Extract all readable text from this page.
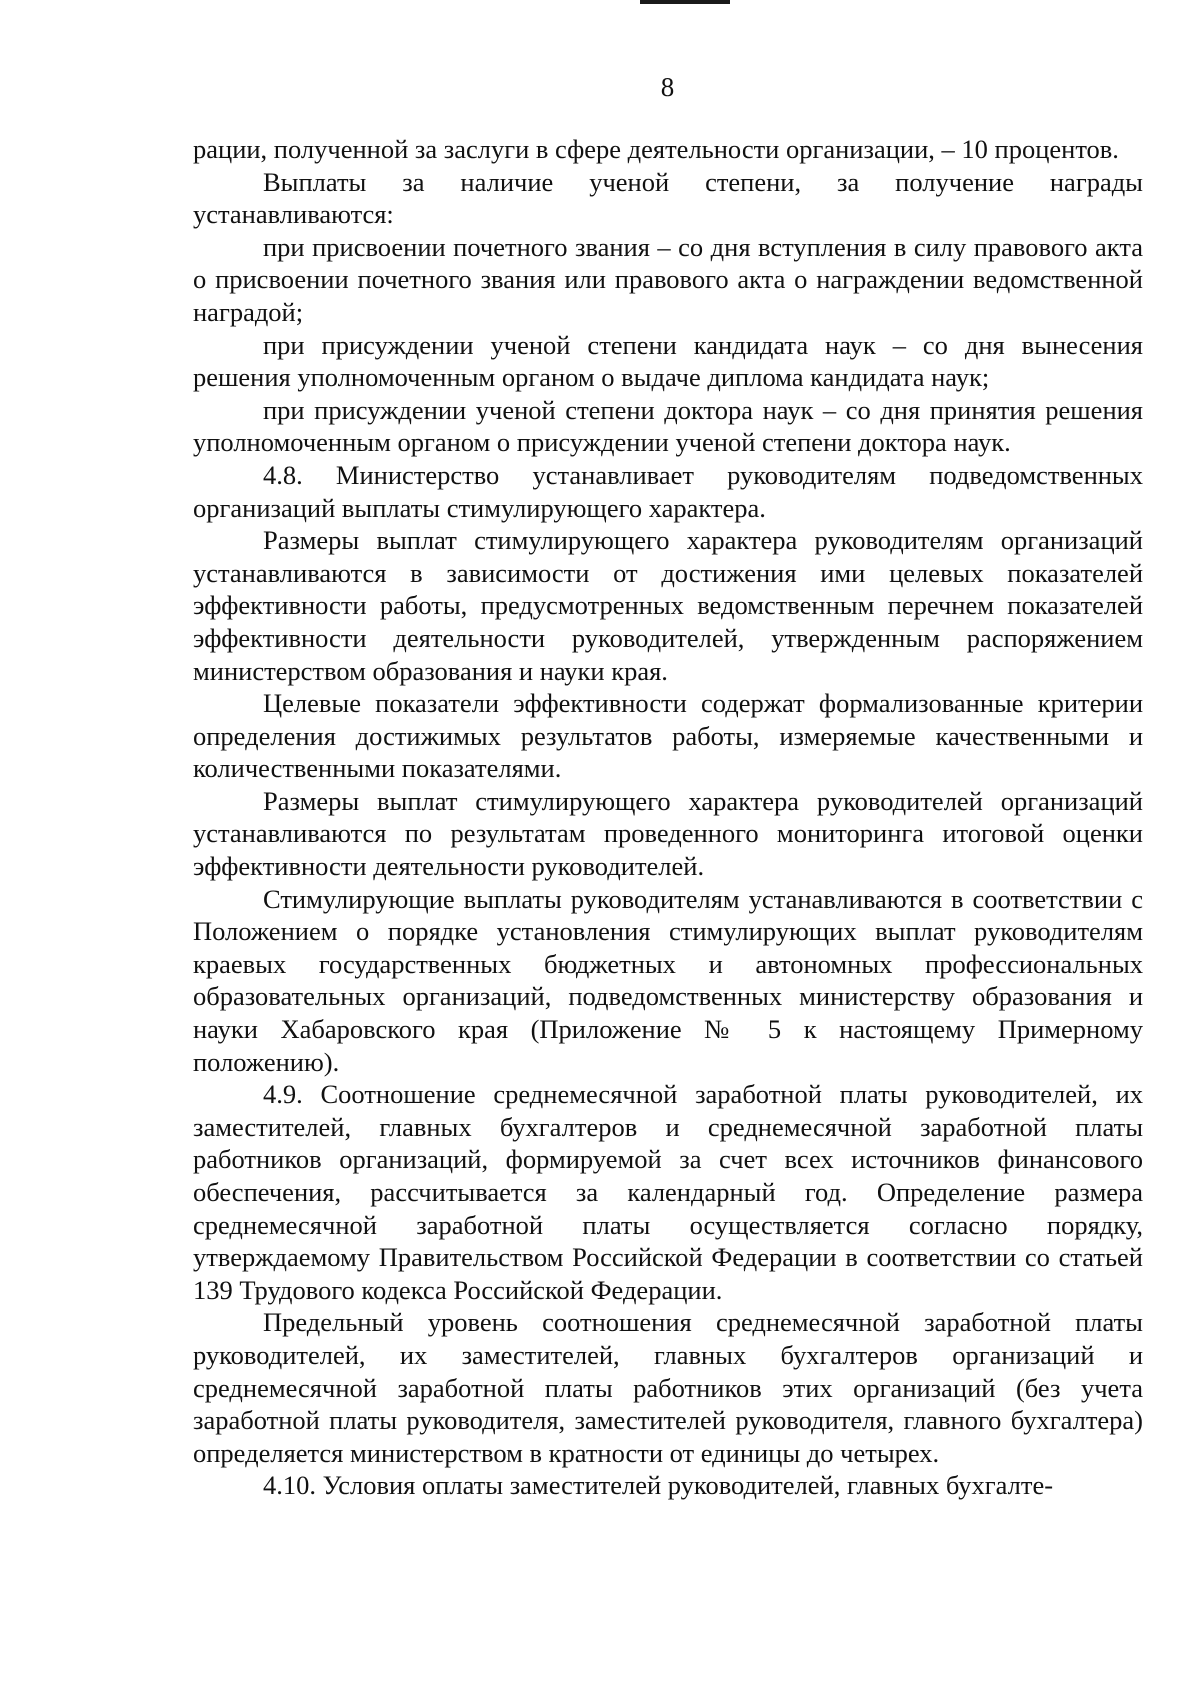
8

рации, полученной за заслуги в сфере деятельности организации, – 10 процентов.

Выплаты за наличие ученой степени, за получение награды устанавливаются:

при присвоении почетного звания – со дня вступления в силу правового акта о присвоении почетного звания или правового акта о награждении ведомственной наградой;

при присуждении ученой степени кандидата наук – со дня вынесения решения уполномоченным органом о выдаче диплома кандидата наук;

при присуждении ученой степени доктора наук – со дня принятия решения уполномоченным органом о присуждении ученой степени доктора наук.

4.8. Министерство устанавливает руководителям подведомственных организаций выплаты стимулирующего характера.

Размеры выплат стимулирующего характера руководителям организаций устанавливаются в зависимости от достижения ими целевых показателей эффективности работы, предусмотренных ведомственным перечнем показателей эффективности деятельности руководителей, утвержденным распоряжением министерством образования и науки края.

Целевые показатели эффективности содержат формализованные критерии определения достижимых результатов работы, измеряемые качественными и количественными показателями.

Размеры выплат стимулирующего характера руководителей организаций устанавливаются по результатам проведенного мониторинга итоговой оценки эффективности деятельности руководителей.

Стимулирующие выплаты руководителям устанавливаются в соответствии с Положением о порядке установления стимулирующих выплат руководителям краевых государственных бюджетных и автономных профессиональных образовательных организаций, подведомственных министерству образования и науки Хабаровского края (Приложение № 5 к настоящему Примерному положению).

4.9. Соотношение среднемесячной заработной платы руководителей, их заместителей, главных бухгалтеров и среднемесячной заработной платы работников организаций, формируемой за счет всех источников финансового обеспечения, рассчитывается за календарный год. Определение размера среднемесячной заработной платы осуществляется согласно порядку, утверждаемому Правительством Российской Федерации в соответствии со статьей 139 Трудового кодекса Российской Федерации.

Предельный уровень соотношения среднемесячной заработной платы руководителей, их заместителей, главных бухгалтеров организаций и среднемесячной заработной платы работников этих организаций (без учета заработной платы руководителя, заместителей руководителя, главного бухгалтера) определяется министерством в кратности от единицы до четырех.

4.10. Условия оплаты заместителей руководителей, главных бухгалте-
